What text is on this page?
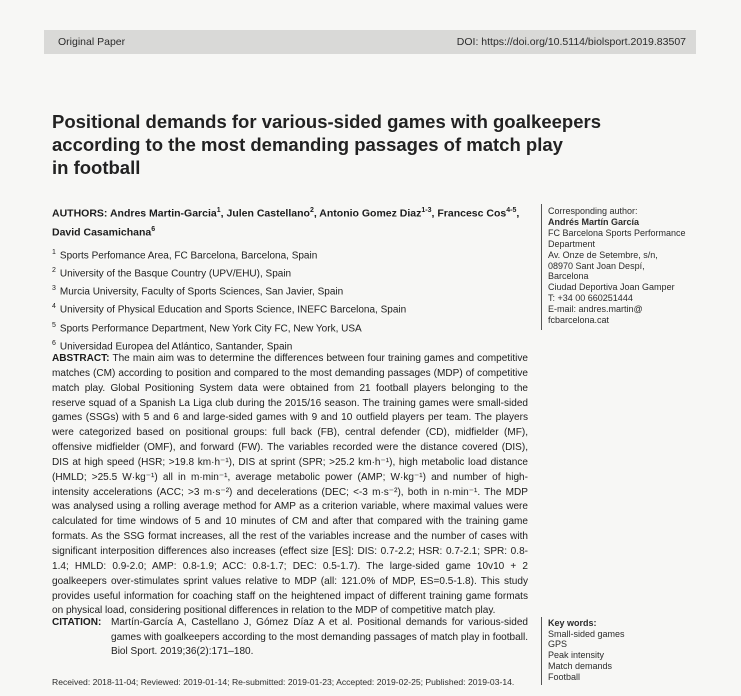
Original Paper	DOI: https://doi.org/10.5114/biolsport.2019.83507
Positional demands for various-sided games with goalkeepers
according to the most demanding passages of match play
in football
AUTHORS: Andres Martin-Garcia$^1$, Julen Castellano$^2$, Antonio Gomez Diaz$^{1-3}$, Francesc Cos$^{4-5}$, David Casamichana$^6$
$^1$ Sports Perfomance Area, FC Barcelona, Barcelona, Spain
$^2$ University of the Basque Country (UPV/EHU), Spain
$^3$ Murcia University, Faculty of Sports Sciences, San Javier, Spain
$^4$ University of Physical Education and Sports Science, INEFC Barcelona, Spain
$^5$ Sports Performance Department, New York City FC, New York, USA
$^6$ Universidad Europea del Atlántico, Santander, Spain
Corresponding author:
Andrés Martín García
FC Barcelona Sports Performance
Department
Av. Onze de Setembre, s/n,
08970 Sant Joan Despí,
Barcelona
Ciudad Deportiva Joan Gamper
T: +34 00 660251444
E-mail: andres.martin@
fcbarcelona.cat

ABSTRACT: The main aim was to determine the differences between four training games and competitive matches (CM) according to position and compared to the most demanding passages (MDP) of competitive match play. Global Positioning System data were obtained from 21 football players belonging to the reserve squad of a Spanish La Liga club during the 2015/16 season. The training games were small-sided games (SSGs) with 5 and 6 and large-sided games with 9 and 10 outfield players per team. The players were categorized based on positional groups: full back (FB), central defender (CD), midfielder (MF), offensive midfielder (OMF), and forward (FW). The variables recorded were the distance covered (DIS), DIS at high speed (HSR; >19.8 km·h⁻¹), DIS at sprint (SPR; >25.2 km·h⁻¹), high metabolic load distance (HMLD; >25.5 W·kg⁻¹) all in m·min⁻¹, average metabolic power (AMP; W·kg⁻¹) and number of high-intensity accelerations (ACC; >3 m·s⁻²) and decelerations (DEC; <-3 m·s⁻²), both in n·min⁻¹. The MDP was analysed using a rolling average method for AMP as a criterion variable, where maximal values were calculated for time windows of 5 and 10 minutes of CM and after that compared with the training game formats. As the SSG format increases, all the rest of the variables increase and the number of cases with significant interposition differences also increases (effect size [ES]: DIS: 0.7-2.2; HSR: 0.7-2.1; SPR: 0.8-1.4; HMLD: 0.9-2.0; AMP: 0.8-1.9; ACC: 0.8-1.7; DEC: 0.5-1.7). The large-sided game 10v10 + 2 goalkeepers over-stimulates sprint values relative to MDP (all: 121.0% of MDP, ES=0.5-1.8). This study provides useful information for coaching staff on the heightened impact of different training game formats on physical load, considering positional differences in relation to the MDP of competitive match play.

CITATION: Martín-García A, Castellano J, Gómez Díaz A et al. Positional demands for various-sided games with goalkeepers according to the most demanding passages of match play in football. Biol Sport. 2019;36(2):171–180.
Key words:
Small-sided games
GPS
Peak intensity
Match demands
Football
Received: 2018-11-04; Reviewed: 2019-01-14; Re-submitted: 2019-01-23; Accepted: 2019-02-25; Published: 2019-03-14.
